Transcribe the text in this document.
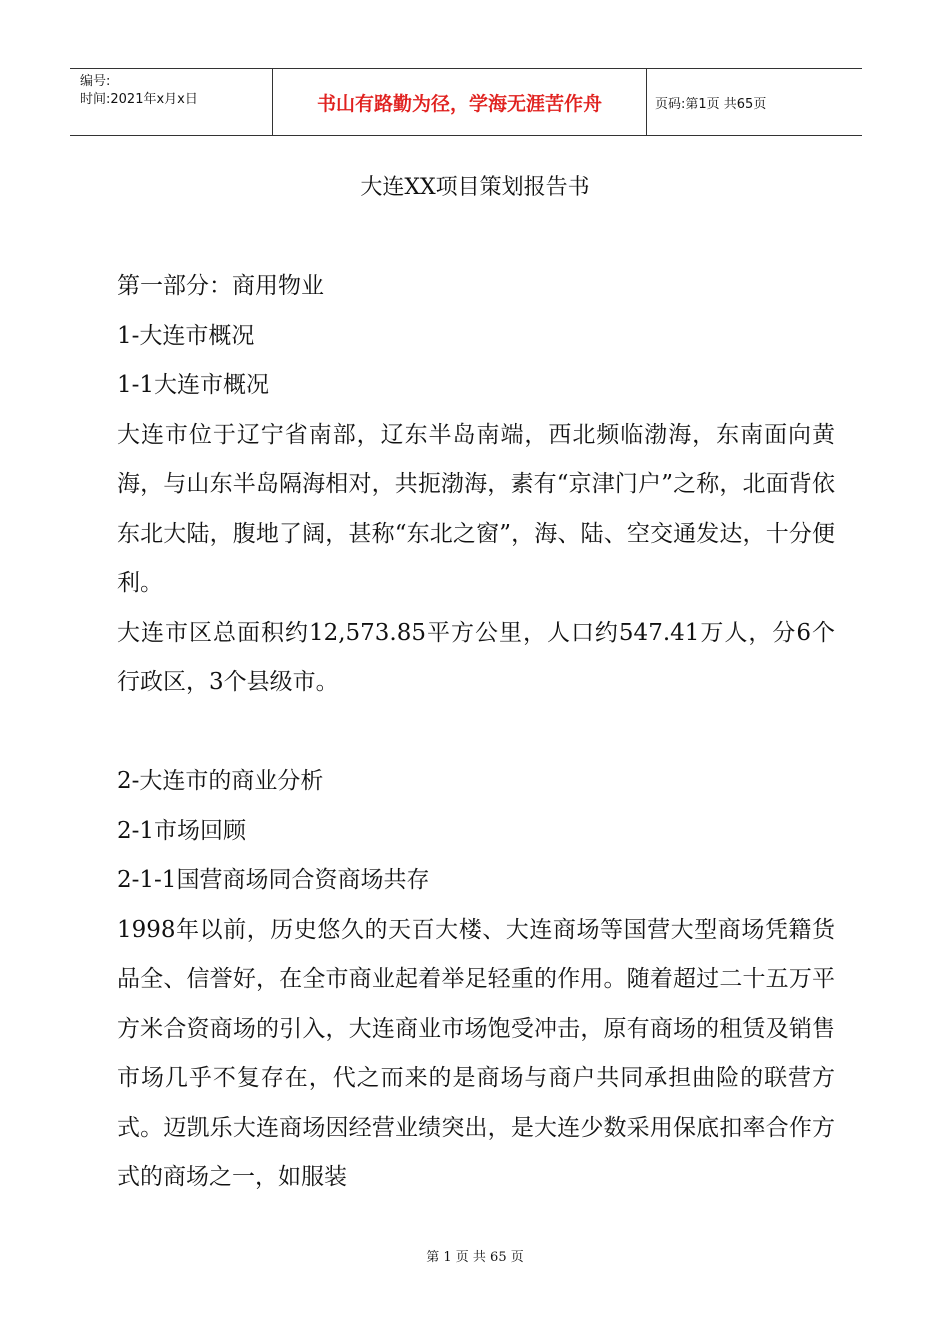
编号:
时间:2021年x月x日	书山有路勤为径，学海无涯苦作舟	页码:第1页 共65页
大连XX项目策划报告书

第一部分：商用物业

1-大连市概况

1-1大连市概况

大连市位于辽宁省南部，辽东半岛南端，西北频临渤海，东南面向黄海，与山东半岛隔海相对，共扼渤海，素有“京津门户”之称，北面背依东北大陆，腹地了阔，甚称“东北之窗”，海、陆、空交通发达，十分便利。

大连市区总面积约12,573.85平方公里，人口约547.41万人，分6个行政区，3个县级市。

2-大连市的商业分析

2-1市场回顾

2-1-1国营商场同合资商场共存

1998年以前，历史悠久的天百大楼、大连商场等国营大型商场凭籍货品全、信誉好，在全市商业起着举足轻重的作用。随着超过二十五万平方米合资商场的引入，大连商业市场饱受冲击，原有商场的租赁及销售市场几乎不复存在，代之而来的是商场与商户共同承担曲险的联营方式。迈凯乐大连商场因经营业绩突出，是大连少数采用保底扣率合作方式的商场之一，如服装

第 1 页 共 65 页
